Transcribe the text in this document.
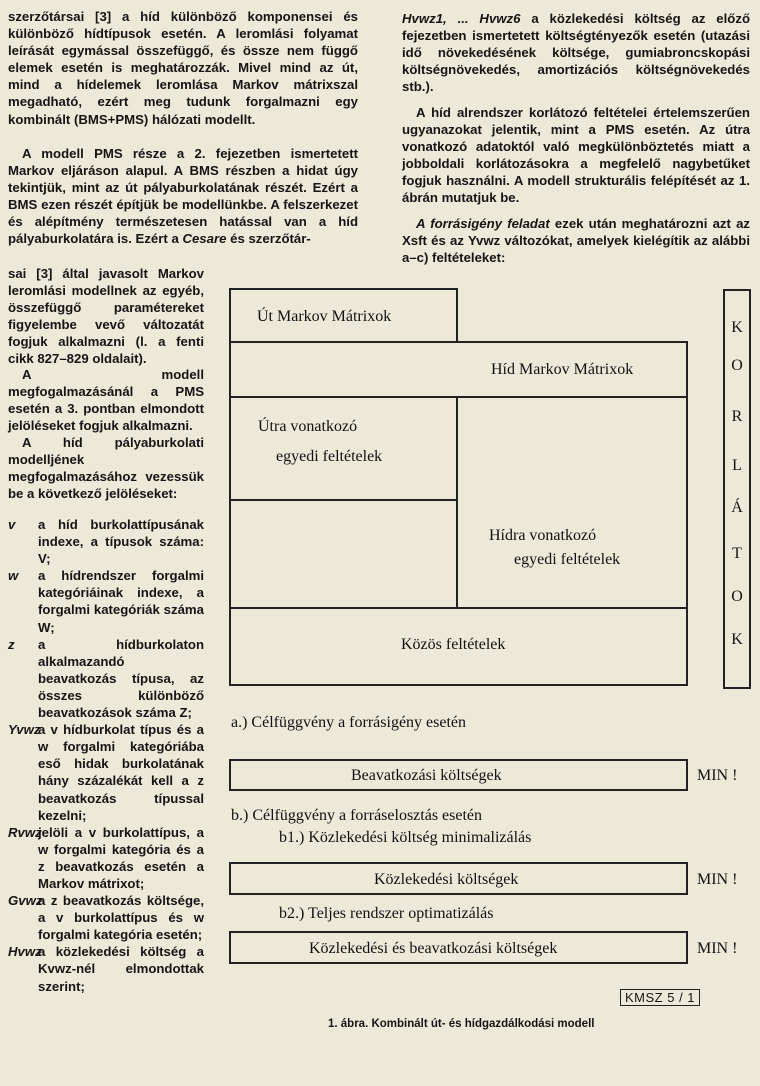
szerzőtársai [3] a híd különböző komponensei és különböző hídtípusok esetén. A leromlási folyamat leírását egymással összefüggő, és össze nem függő elemek esetén is meghatározzák. Mivel mind az út, mind a hídelemek leromlása Markov mátrixszal megadható, ezért meg tudunk forgalmazni egy kombinált (BMS+PMS) hálózati modellt.

A modell PMS része a 2. fejezetben ismertetett Markov eljáráson alapul. A BMS részben a hidat úgy tekintjük, mint az út pályaburkolatának részét. Ezért a BMS ezen részét építjük be modellünkbe. A felszerkezet és alépítmény természetesen hatással van a híd pályaburkolatára is. Ezért a Cesare és szerzőtár-

sai [3] által javasolt Markov leromlási modellnek az egyéb, összefüggő paramétereket figyelembe vevő változatát fogjuk alkalmazni (l. a fenti cikk 827–829 oldalait).

A modell megfogalmazásánál a PMS esetén a 3. pontban elmondott jelöléseket fogjuk alkalmazni.

A híd pályaburkolati modelljének megfogalmazásához vezessük be a következő jelöléseket:

v a híd burkolattípusának indexe, a típusok száma: V;
w a hídrendszer forgalmi kategóriáinak indexe, a forgalmi kategóriák száma W;
z a hídburkolaton alkalmazandó beavatkozás típusa, az összes különböző beavatkozások száma Z;
Yvwz
a v hídburkolat típus és a w forgalmi kategóriába eső hidak burkolatának hány százalékát kell a z beavatkozás típussal kezelni;
Rvwz
jelöli a v burkolattípus, a w forgalmi kategória és a z beavatkozás esetén a Markov mátrixot;
Gvwz
a z beavatkozás költsége, a v burkolattípus és w forgalmi kategória esetén;
Hvwz
a közlekedési költség a Kvwz-nél elmondottak szerint;

Hvwz1, ... Hvwz6 a közlekedési költség az előző fejezetben ismertetett költségtényezők esetén (utazási idő növekedésének költsége, gumiabroncskopási költségnövekedés, amortizációs költségnövekedés stb.).

A híd alrendszer korlátozó feltételei értelemszerűen ugyanazokat jelentik, mint a PMS esetén. Az útra vonatkozó adatoktól való megkülönböztetés miatt a jobboldali korlátozásokra a megfelelő nagybetűket fogjuk használni. A modell strukturális felépítését az 1. ábrán mutatjuk be.

A forrásigény feladat ezek után meghatározni azt az Xsft és az Yvwz változókat, amelyek kielégítik az alábbi a–c) feltételeket:

Út Markov Mátrixok
Híd Markov Mátrixok
Útra vonatkozó
egyedi feltételek
Hídra vonatkozó
egyedi feltételek
Közös feltételek
K
O
R
L
Á
T
O
K
a.) Célfüggvény a forrásigény esetén
Beavatkozási költségek	MIN !
b.) Célfüggvény a forráselosztás esetén
b1.) Közlekedési költség minimalizálás
Közlekedési költségek	MIN !
b2.) Teljes rendszer optimatizálás
Közlekedési és beavatkozási költségek	MIN !
KMSZ 5 / 1
1. ábra. Kombinált út- és hídgazdálkodási modell
